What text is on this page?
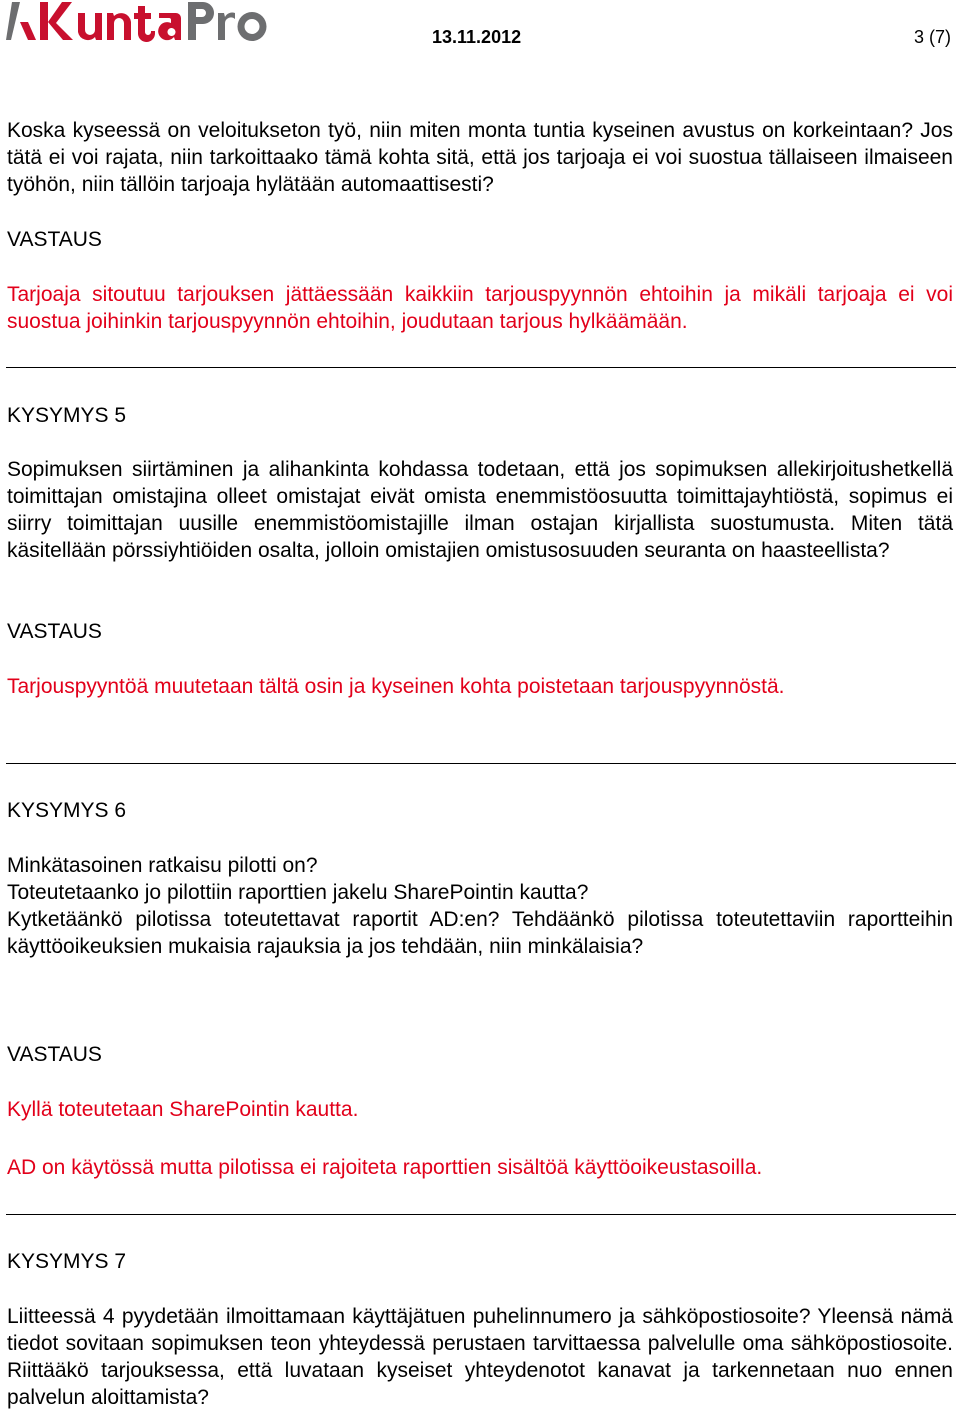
13.11.2012	3 (7)
Koska kyseessä on veloitukseton työ, niin miten monta tuntia kyseinen avustus on korkeintaan? Jos tätä ei voi rajata, niin tarkoittaako tämä kohta sitä, että jos tarjoaja ei voi suostua tällaiseen ilmaiseen työhön, niin tällöin tarjoaja hylätään automaattisesti?
VASTAUS
Tarjoaja sitoutuu tarjouksen jättäessään kaikkiin tarjouspyynnön ehtoihin ja mikäli tarjoaja ei voi suostua joihinkin tarjouspyynnön ehtoihin, joudutaan tarjous hylkäämään.
KYSYMYS 5
Sopimuksen siirtäminen ja alihankinta kohdassa todetaan, että jos sopimuksen allekirjoitushetkellä toimittajan omistajina olleet omistajat eivät omista enemmistöosuutta toimittajayhtiöstä, sopimus ei siirry toimittajan uusille enemmistöomistajille ilman ostajan kirjallista suostumusta. Miten tätä käsitellään pörssiyhtiöiden osalta, jolloin omistajien omistusosuuden seuranta on haasteellista?
VASTAUS
Tarjouspyyntöä muutetaan tältä osin ja kyseinen kohta poistetaan tarjouspyynnöstä.
KYSYMYS 6
Minkätasoinen ratkaisu pilotti on?
Toteutetaanko jo pilottiin raporttien jakelu SharePointin kautta?
Kytketäänkö pilotissa toteutettavat raportit AD:en? Tehdäänkö pilotissa toteutettaviin raportteihin käyttöoikeuksien mukaisia rajauksia ja jos tehdään, niin minkälaisia?
VASTAUS
Kyllä toteutetaan SharePointin kautta.
AD on käytössä mutta pilotissa ei rajoiteta raporttien sisältöä käyttöoikeustasoilla.
KYSYMYS 7
Liitteessä 4 pyydetään ilmoittamaan käyttäjätuen puhelinnumero ja sähköpostiosoite? Yleensä nämä tiedot sovitaan sopimuksen teon yhteydessä perustaen tarvittaessa palvelulle oma sähköpostiosoite. Riittääkö tarjouksessa, että luvataan kyseiset yhteydenotot kanavat ja tarkennetaan nuo ennen palvelun aloittamista?
